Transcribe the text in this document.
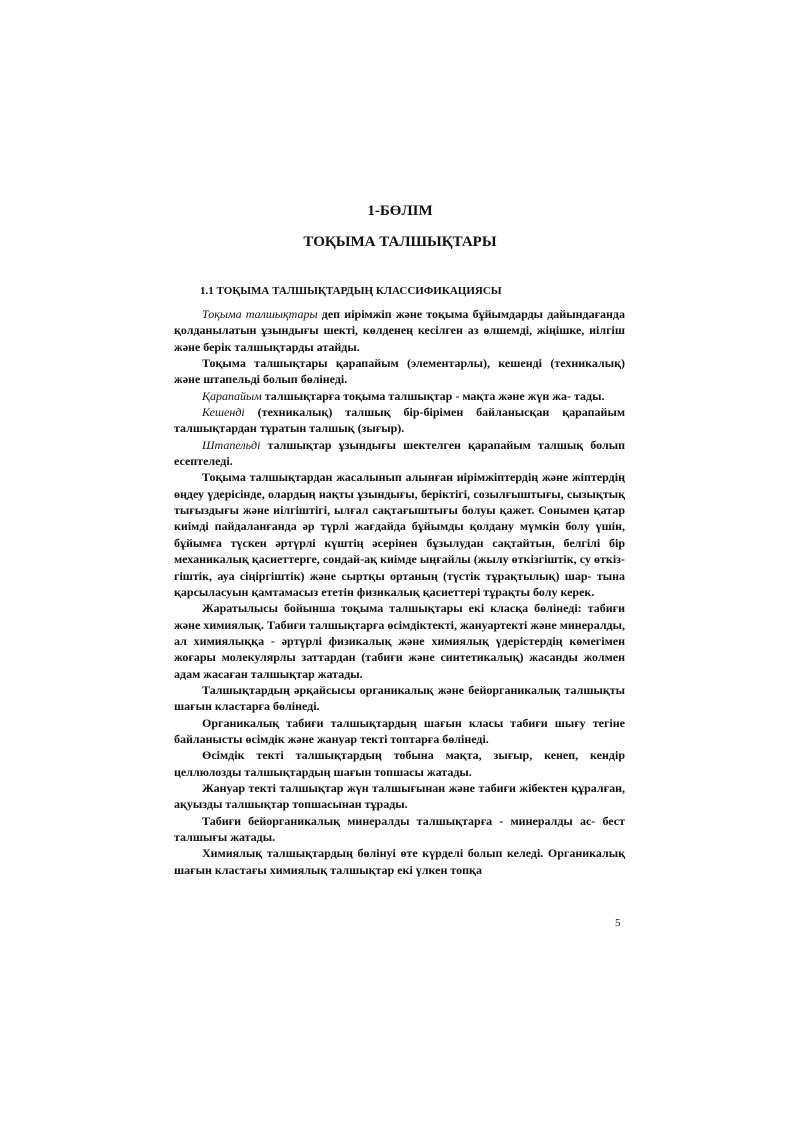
1-БӨЛІМ
ТОҚЫМА ТАЛШЫҚТАРЫ
1.1 ТОҚЫМА ТАЛШЫҚТАРДЫҢ КЛАССИФИКАЦИЯСЫ

Тоқыма талшықтары деп иірімжіп және тоқыма бұйымдарды дайындағанда қолданылатын ұзындығы шекті, көлденең кесілген аз өлшемді, жіңішке, иілгіш және берік талшықтарды атайды.

Тоқыма талшықтары қарапайым (элементарлы), кешенді (техникалық) және штапельді болып бөлінеді.

Қарапайым талшықтарға тоқыма талшықтар - мақта және жүн жа- тады.

Кешенді (техникалық) талшық бір-бірімен байланысқан қарапайым талшықтардан тұратын талшық (зығыр).

Штапельді талшықтар ұзындығы шектелген қарапайым талшық болып есептеледі.

Тоқыма талшықтардан жасалынып алынған иірімжіптердің және жіптердің өңдеу үдерісінде, олардың нақты ұзындығы, беріктігі, созылғыштығы, сызықтық тығыздығы және иілгіштігі, ылғал сақтағыштығы болуы қажет. Сонымен қатар киімді пайдаланғанда әр түрлі жағдайда бұйымды қолдану мүмкін болу үшін, бұйымға түскен әртүрлі күштің әсерінен бұзылудан сақтайтын, белгілі бір механикалық қасиеттерге, сондай-ақ киімде ыңғайлы (жылу өткізгіштік, су өткіз- гіштік, ауа сіңіргіштік) және сыртқы ортаның (түстік тұрақтылық) шар- тына қарсыласуын қамтамасыз ететін физикалық қасиеттері тұрақты болу керек.

Жаратылысы бойынша тоқыма талшықтары екі класқа бөлінеді: табиғи және химиялық. Табиғи талшықтарға өсімдіктекті, жануартекті және минералды, ал химиялыққа - әртүрлі физикалық және химиялық үдерістердің көмегімен жоғары молекулярлы заттардан (табиғи және синтетикалық) жасанды жолмен адам жасаған талшықтар жатады.

Талшықтардың әрқайсысы органикалық және бейорганикалық талшықты шағын кластарға бөлінеді.

Органикалық табиғи талшықтардың шағын класы табиғи шығу тегіне байланысты өсімдік және жануар текті топтарға бөлінеді.

Өсімдік текті талшықтардың тобына мақта, зығыр, кенеп, кендір целлюлозды талшықтардың шағын топшасы жатады.

Жануар текті талшықтар жүн талшығынан және табиғи жібектен құралған, ақуызды талшықтар топшасынан тұрады.

Табиғи бейорганикалық минералды талшықтарға - минералды ас- бест талшығы жатады.

Химиялық талшықтардың бөлінуі өте күрделі болып келеді. Органикалық шағын кластағы химиялық талшықтар екі үлкен топқа

5
